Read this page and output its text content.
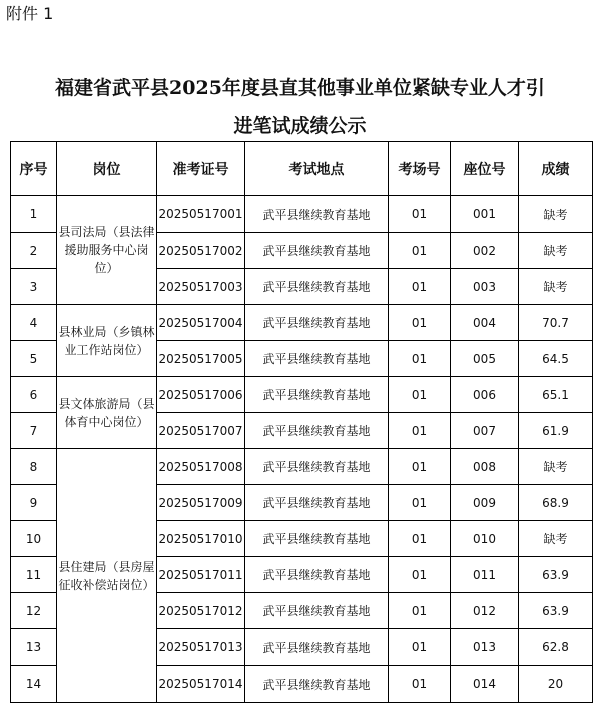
附件 1
福建省武平县2025年度县直其他事业单位紧缺专业人才引
进笔试成绩公示
序号	岗位	准考证号	考试地点	考场号	座位号	成绩
1	县司法局（县法律援助服务中心岗位）	20250517001	武平县继续教育基地	01	001	缺考
2		20250517002	武平县继续教育基地	01	002	缺考
3		20250517003	武平县继续教育基地	01	003	缺考
4	县林业局（乡镇林业工作站岗位）	20250517004	武平县继续教育基地	01	004	70.7
5		20250517005	武平县继续教育基地	01	005	64.5
6	县文体旅游局（县体育中心岗位）	20250517006	武平县继续教育基地	01	006	65.1
7		20250517007	武平县继续教育基地	01	007	61.9
8	县住建局（县房屋征收补偿站岗位）	20250517008	武平县继续教育基地	01	008	缺考
9		20250517009	武平县继续教育基地	01	009	68.9
10		20250517010	武平县继续教育基地	01	010	缺考
11		20250517011	武平县继续教育基地	01	011	63.9
12		20250517012	武平县继续教育基地	01	012	63.9
13		20250517013	武平县继续教育基地	01	013	62.8
14		20250517014	武平县继续教育基地	01	014	20
